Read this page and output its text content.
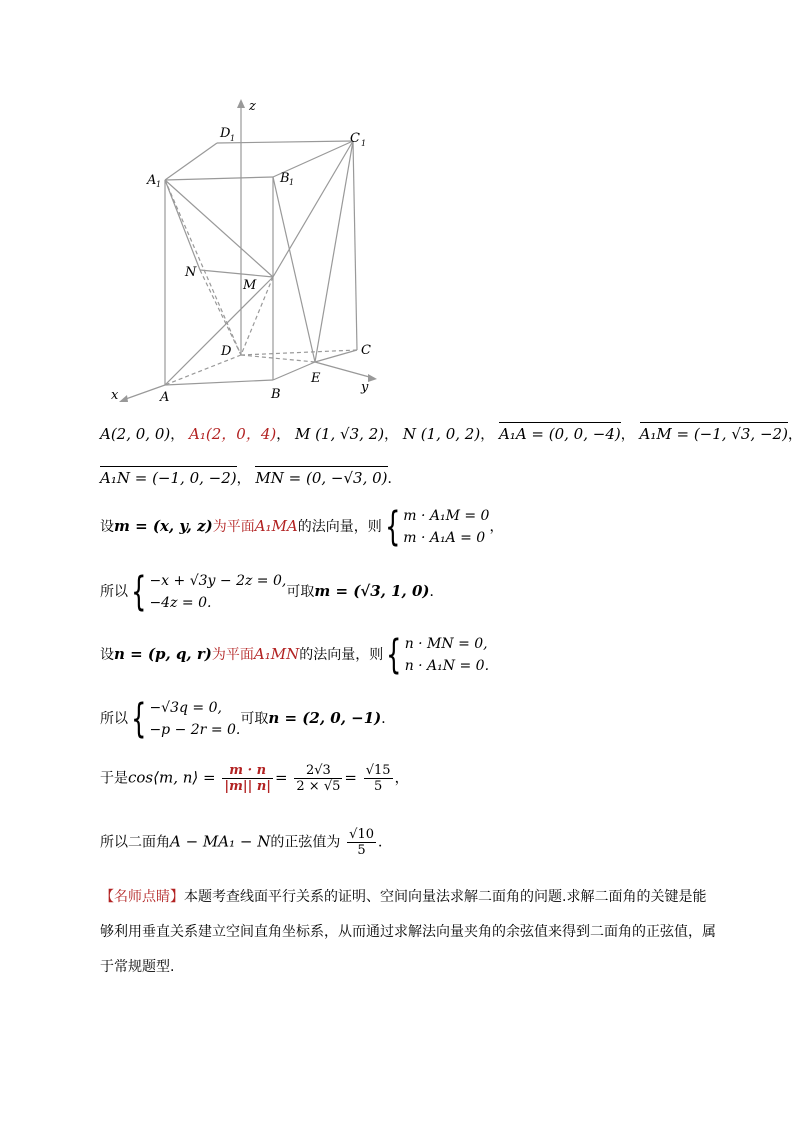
z
D 1	C 1
A 1	B 1
N
M
D	C
E
B
A
x
y
A(2, 0, 0)， A₁(2，0，4)， M (1, √3, 2)， N (1, 0, 2)， A₁A = (0, 0, −4)， A₁M = (−1, √3, −2)，
A₁N = (−1, 0, −2)， MN = (0, −√3, 0)．
设m = (x, y, z)为平面A₁MA的法向量，则{ m · A₁M = 0
m · A₁A = 0
，
所以{ −x + √3y − 2z = 0,
−4z = 0.
可取m = (√3, 1, 0)．
设n = (p, q, r)为平面A₁MN的法向量，则{ n · MN = 0,
n · A₁N = 0.
所以{ −√3q = 0,
−p − 2r = 0.
可取n = (2, 0, −1)．
于是cos⟨m, n⟩ = $\frac{m \cdot n}{|m|| n|} = \frac{2√3}{2 \times √5} = \frac{√15}{5}$ ，
所以二面角A − MA₁ − N的正弦值为 $\frac{√10}{5}$ ．
【名师点睛】本题考查线面平行关系的证明、空间向量法求解二面角的问题.求解二面角的关键是能够利用垂直关系建立空间直角坐标系，从而通过求解法向量夹角的余弦值来得到二面角的正弦值，属于常规题型.
